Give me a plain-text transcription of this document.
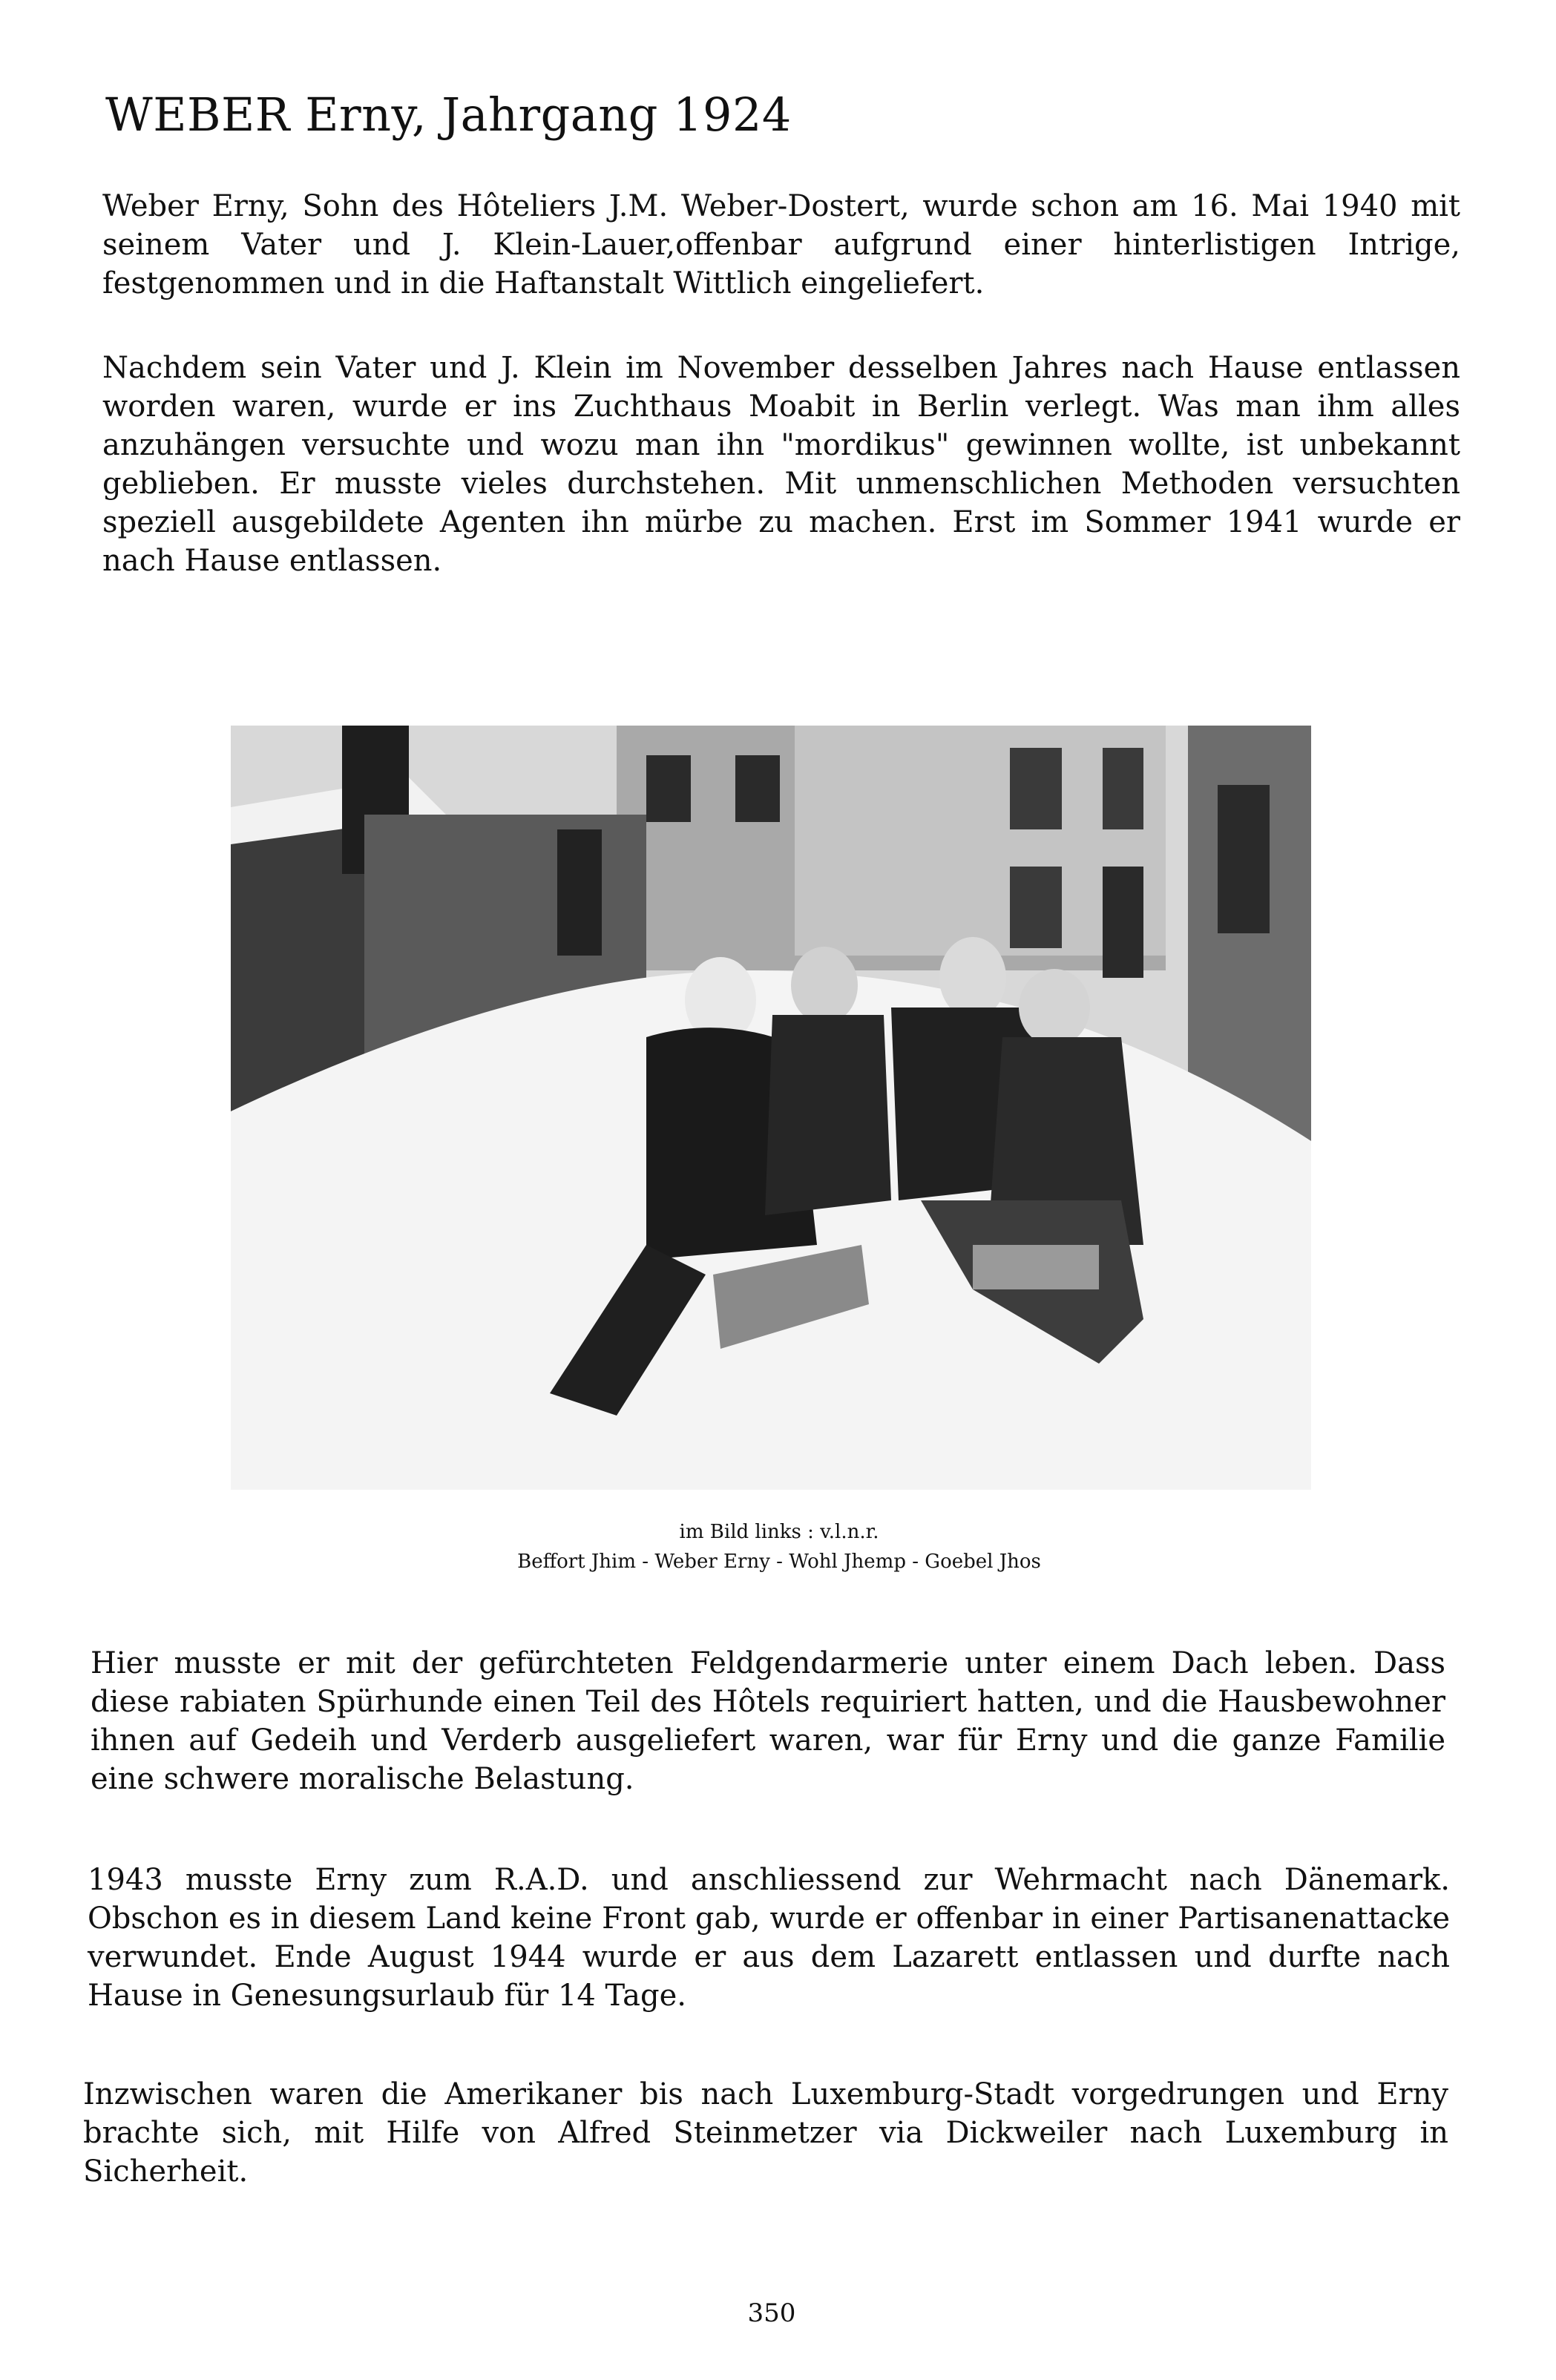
WEBER Erny, Jahrgang 1924

Weber Erny, Sohn des Hôteliers J.M. Weber-Dostert, wurde schon am 16. Mai 1940 mit seinem Vater und J. Klein-Lauer,offenbar aufgrund einer hinterlistigen Intrige, festgenommen und in die Haftanstalt Wittlich eingeliefert.

Nachdem sein Vater und J. Klein im November desselben Jahres nach Hause entlassen worden waren, wurde er ins Zuchthaus Moabit in Berlin verlegt. Was man ihm alles anzuhängen versuchte und wozu man ihn "mordikus" gewinnen wollte, ist unbekannt geblieben. Er musste vieles durchstehen. Mit unmenschlichen Methoden versuchten speziell ausgebildete Agenten ihn mürbe zu machen. Erst im Sommer 1941 wurde er nach Hause entlassen.

im Bild links : v.l.n.r.

Beffort Jhim - Weber Erny - Wohl Jhemp - Goebel Jhos

Hier musste er mit der gefürchteten Feldgendarmerie unter einem Dach leben. Dass diese rabiaten Spürhunde einen Teil des Hôtels requiriert hatten, und die Hausbewohner ihnen auf Gedeih und Verderb ausgeliefert waren, war für Erny und die ganze Familie eine schwere moralische Belastung.

1943 musste Erny zum R.A.D. und anschliessend zur Wehrmacht nach Dänemark. Obschon es in diesem Land keine Front gab, wurde er offenbar in einer Partisanenattacke verwundet. Ende August 1944 wurde er aus dem Lazarett entlassen und durfte nach Hause in Genesungsurlaub für 14 Tage.

Inzwischen waren die Amerikaner bis nach Luxemburg-Stadt vorgedrungen und Erny brachte sich, mit Hilfe von Alfred Steinmetzer via Dickweiler nach Luxemburg in Sicherheit.

350
